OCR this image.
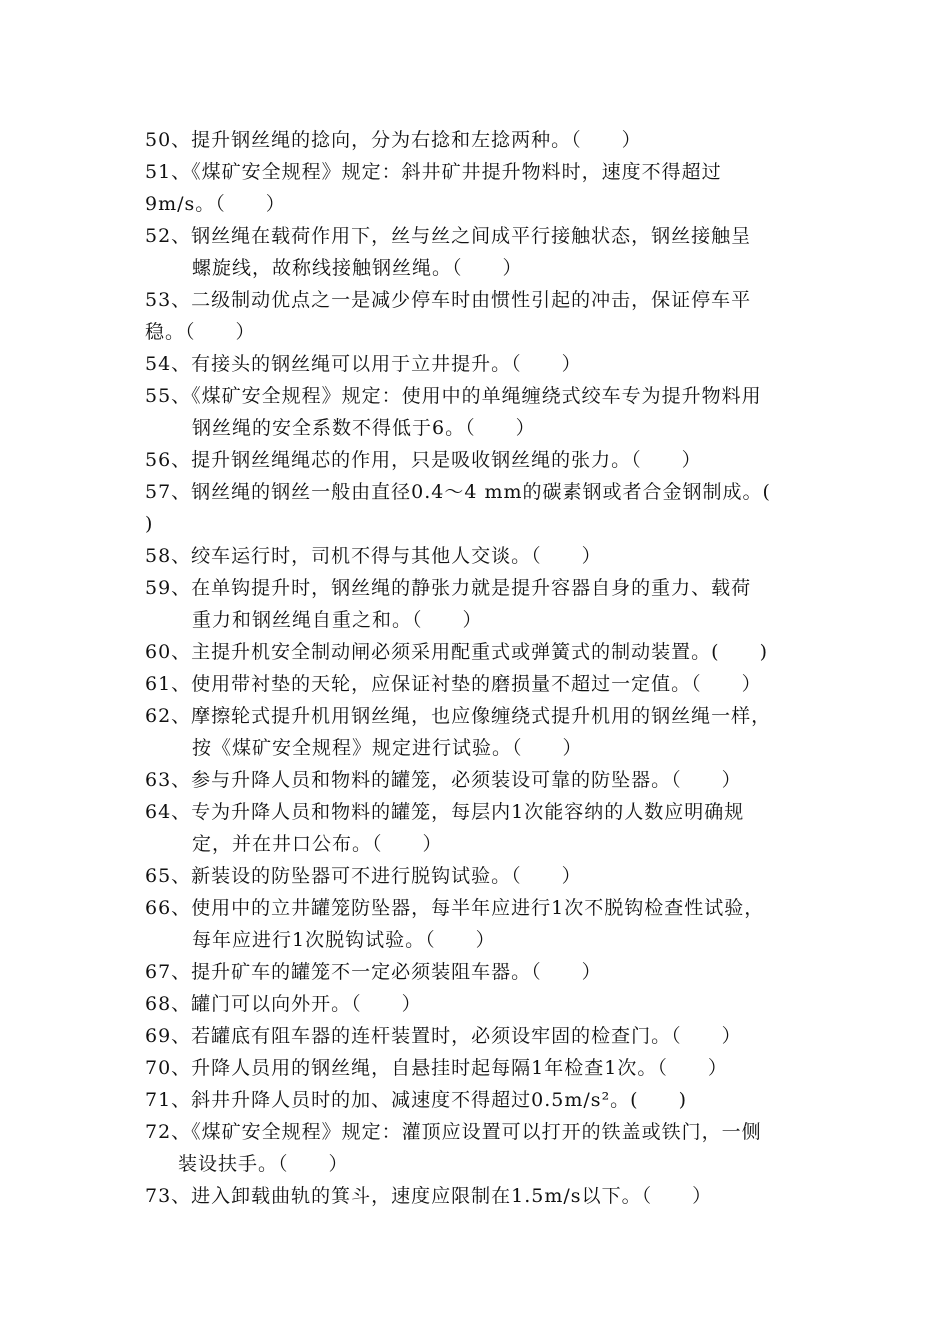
50、提升钢丝绳的捻向，分为右捻和左捻两种。（　　）
51、《煤矿安全规程》规定：斜井矿井提升物料时，速度不得超过
9m/s。（　　）
52、钢丝绳在载荷作用下，丝与丝之间成平行接触状态，钢丝接触呈
螺旋线，故称线接触钢丝绳。（　　）
53、二级制动优点之一是减少停车时由惯性引起的冲击，保证停车平
稳。（　　）
54、有接头的钢丝绳可以用于立井提升。（　　）
55、《煤矿安全规程》规定：使用中的单绳缠绕式绞车专为提升物料用
钢丝绳的安全系数不得低于6。（　　）
56、提升钢丝绳绳芯的作用，只是吸收钢丝绳的张力。（　　）
57、钢丝绳的钢丝一般由直径0.4～4 mm的碳素钢或者合金钢制成。(
)
58、绞车运行时，司机不得与其他人交谈。（　　）
59、在单钩提升时，钢丝绳的静张力就是提升容器自身的重力、载荷
重力和钢丝绳自重之和。（　　）
60、主提升机安全制动闸必须采用配重式或弹簧式的制动装置。(　　)
61、使用带衬垫的天轮，应保证衬垫的磨损量不超过一定值。（　　）
62、摩擦轮式提升机用钢丝绳，也应像缠绕式提升机用的钢丝绳一样，
按《煤矿安全规程》规定进行试验。（　　）
63、参与升降人员和物料的罐笼，必须装设可靠的防坠器。（　　）
64、专为升降人员和物料的罐笼，每层内1次能容纳的人数应明确规
定，并在井口公布。（　　）
65、新装设的防坠器可不进行脱钩试验。（　　）
66、使用中的立井罐笼防坠器，每半年应进行1次不脱钩检查性试验，
每年应进行1次脱钩试验。（　　）
67、提升矿车的罐笼不一定必须装阻车器。（　　）
68、罐门可以向外开。（　　）
69、若罐底有阻车器的连杆装置时，必须设牢固的检查门。（　　）
70、升降人员用的钢丝绳，自悬挂时起每隔1年检查1次。（　　）
71、斜井升降人员时的加、减速度不得超过0.5m/s²。(　　)
72、《煤矿安全规程》规定：灌顶应设置可以打开的铁盖或铁门，一侧
装设扶手。（　　）
73、进入卸载曲轨的箕斗，速度应限制在1.5m/s以下。（　　）
